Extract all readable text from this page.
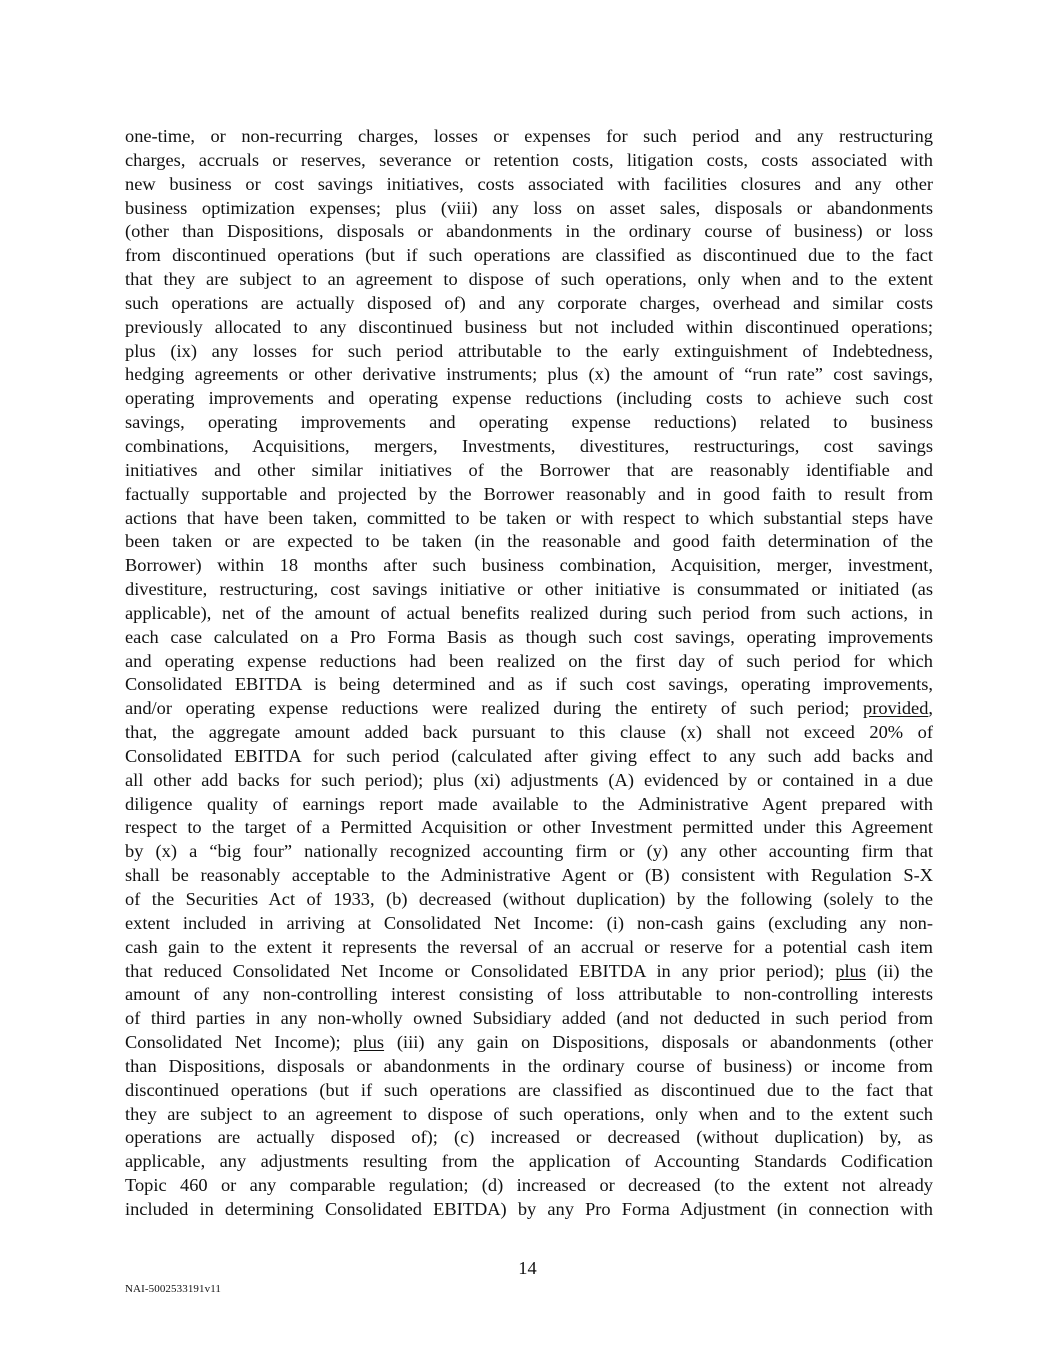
one-time, or non-recurring charges, losses or expenses for such period and any restructuring
charges, accruals or reserves, severance or retention costs, litigation costs, costs associated with
new business or cost savings initiatives, costs associated with facilities closures and any other
business optimization expenses; plus (viii) any loss on asset sales, disposals or abandonments
(other than Dispositions, disposals or abandonments in the ordinary course of business) or loss
from discontinued operations (but if such operations are classified as discontinued due to the fact
that they are subject to an agreement to dispose of such operations, only when and to the extent
such operations are actually disposed of) and any corporate charges, overhead and similar costs
previously allocated to any discontinued business but not included within discontinued operations;
plus (ix) any losses for such period attributable to the early extinguishment of Indebtedness,
hedging agreements or other derivative instruments; plus (x) the amount of “run rate” cost savings,
operating improvements and operating expense reductions (including costs to achieve such cost
savings, operating improvements and operating expense reductions) related to business
combinations, Acquisitions, mergers, Investments, divestitures, restructurings, cost savings
initiatives and other similar initiatives of the Borrower that are reasonably identifiable and
factually supportable and projected by the Borrower reasonably and in good faith to result from
actions that have been taken, committed to be taken or with respect to which substantial steps have
been taken or are expected to be taken (in the reasonable and good faith determination of the
Borrower) within 18 months after such business combination, Acquisition, merger, investment,
divestiture, restructuring, cost savings initiative or other initiative is consummated or initiated (as
applicable), net of the amount of actual benefits realized during such period from such actions, in
each case calculated on a Pro Forma Basis as though such cost savings, operating improvements
and operating expense reductions had been realized on the first day of such period for which
Consolidated EBITDA is being determined and as if such cost savings, operating improvements,
and/or operating expense reductions were realized during the entirety of such period; provided,
that, the aggregate amount added back pursuant to this clause (x) shall not exceed 20% of
Consolidated EBITDA for such period (calculated after giving effect to any such add backs and
all other add backs for such period); plus (xi) adjustments (A) evidenced by or contained in a due
diligence quality of earnings report made available to the Administrative Agent prepared with
respect to the target of a Permitted Acquisition or other Investment permitted under this Agreement
by (x) a “big four” nationally recognized accounting firm or (y) any other accounting firm that
shall be reasonably acceptable to the Administrative Agent or (B) consistent with Regulation S-X
of the Securities Act of 1933, (b) decreased (without duplication) by the following (solely to the
extent included in arriving at Consolidated Net Income: (i) non-cash gains (excluding any non-
cash gain to the extent it represents the reversal of an accrual or reserve for a potential cash item
that reduced Consolidated Net Income or Consolidated EBITDA in any prior period); plus (ii) the
amount of any non-controlling interest consisting of loss attributable to non-controlling interests
of third parties in any non-wholly owned Subsidiary added (and not deducted in such period from
Consolidated Net Income); plus (iii) any gain on Dispositions, disposals or abandonments (other
than Dispositions, disposals or abandonments in the ordinary course of business) or income from
discontinued operations (but if such operations are classified as discontinued due to the fact that
they are subject to an agreement to dispose of such operations, only when and to the extent such
operations are actually disposed of); (c) increased or decreased (without duplication) by, as
applicable, any adjustments resulting from the application of Accounting Standards Codification
Topic 460 or any comparable regulation; (d) increased or decreased (to the extent not already
included in determining Consolidated EBITDA) by any Pro Forma Adjustment (in connection with
14
NAI-5002533191v11
